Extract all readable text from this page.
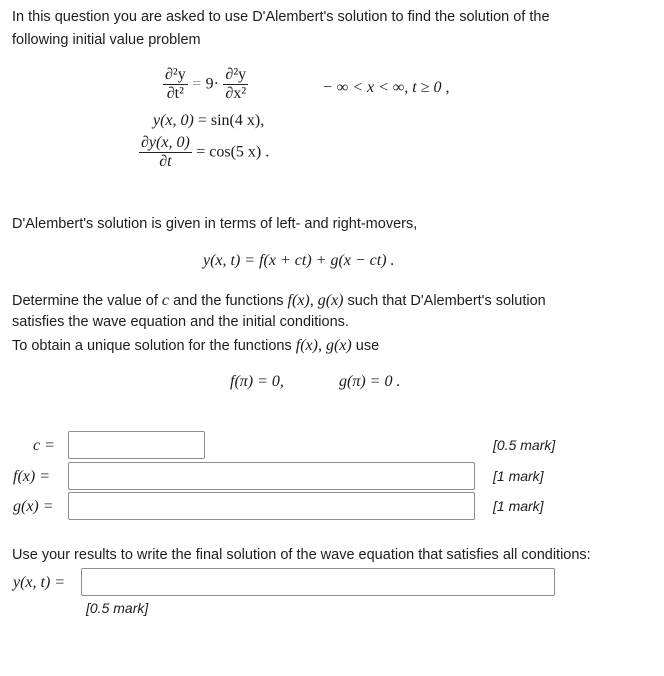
In this question you are asked to use D'Alembert's solution to find the solution of the
following initial value problem
$\frac{\text{∂²y}}{\text{∂t²}} = 9\cdot \frac{\text{∂²y}}{\text{∂x²}}$	− ∞ < x < ∞, t ≥ 0 ,
y(x, 0) = sin(4 x),
$\frac{\partial y(x, 0)}{\partial t} = \cos(5$ x) .
D'Alembert's solution is given in terms of left- and right-movers,
y(x, t) = f(x + ct) + g(x − ct) .
Determine the value of c and the functions f(x), g(x) such that D'Alembert's solution
satisfies the wave equation and the initial conditions.
To obtain a unique solution for the functions f(x), g(x) use
f(π) = 0,	g(π) = 0 .
c =	[0.5 mark]
f(x) =	[1 mark]
g(x) =	[1 mark]
Use your results to write the final solution of the wave equation that satisfies all conditions:
y(x, t) =
[0.5 mark]
